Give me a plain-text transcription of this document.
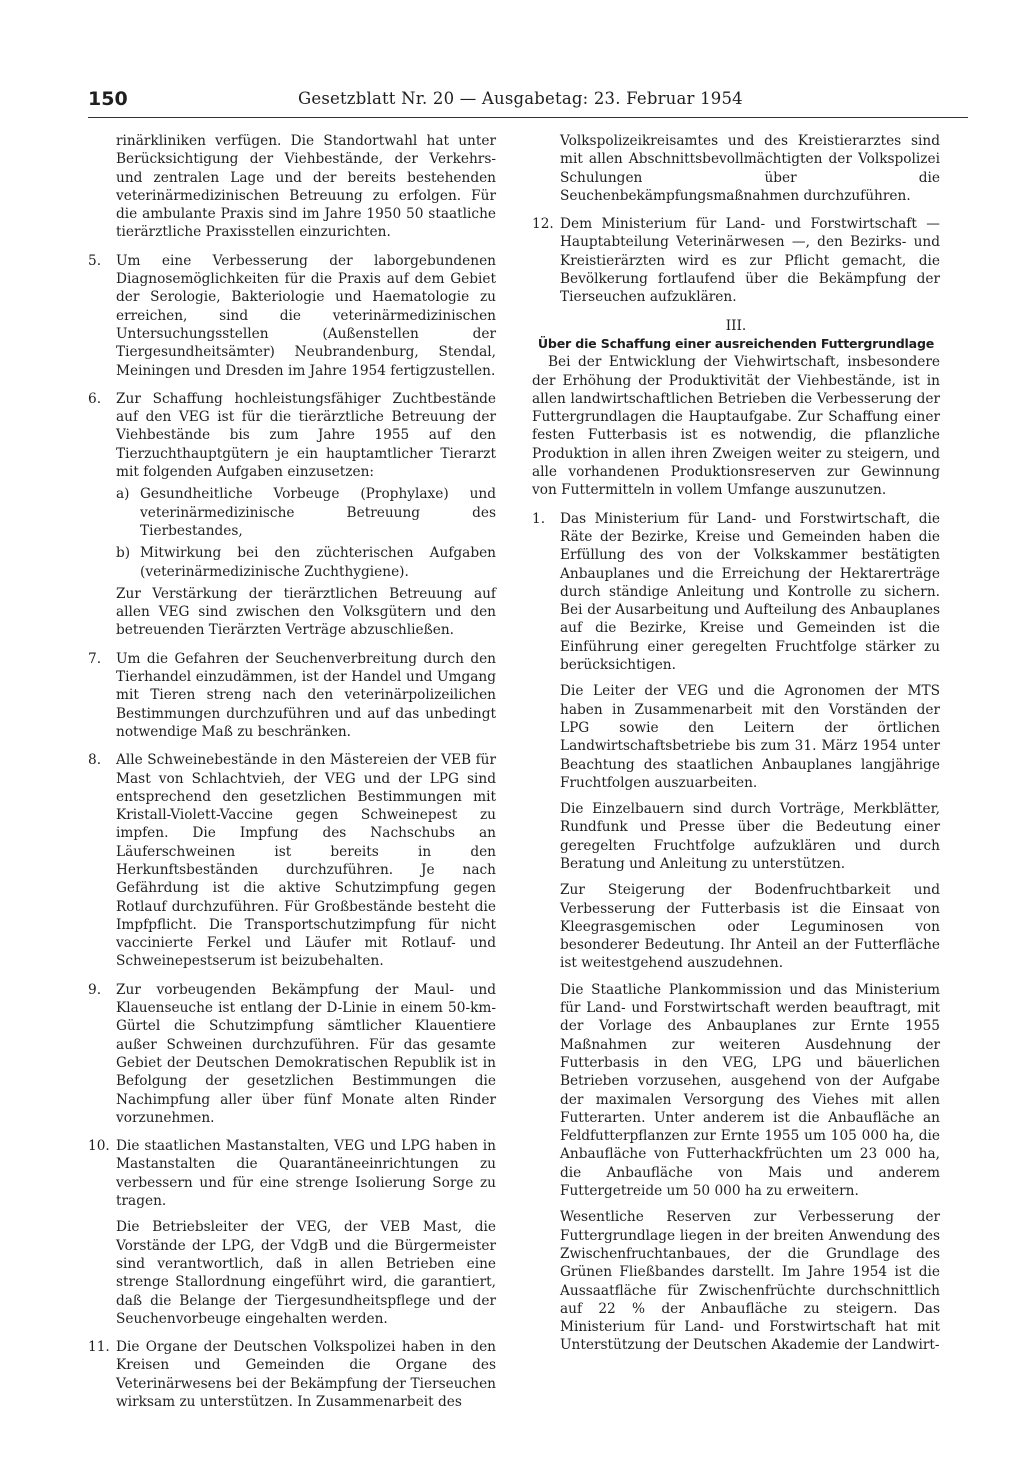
150	Gesetzblatt Nr. 20 — Ausgabetag: 23. Februar 1954

rinärkliniken verfügen. Die Standortwahl hat unter Berücksichtigung der Viehbestände, der Verkehrs- und zentralen Lage und der bereits bestehenden veterinärmedizinischen Betreuung zu erfolgen. Für die ambulante Praxis sind im Jahre 1950 50 staatliche tierärztliche Praxisstellen einzurichten.

5.	Um eine Verbesserung der laborgebundenen Diagnosemöglichkeiten für die Praxis auf dem Gebiet der Serologie, Bakteriologie und Haematologie zu erreichen, sind die veterinärmedizinischen Untersuchungsstellen (Außenstellen der Tiergesundheitsämter) Neubrandenburg, Stendal, Meiningen und Dresden im Jahre 1954 fertigzustellen.

6.	Zur Schaffung hochleistungsfähiger Zuchtbestände auf den VEG ist für die tierärztliche Betreuung der Viehbestände bis zum Jahre 1955 auf den Tierzuchthauptgütern je ein hauptamtlicher Tierarzt mit folgenden Aufgaben einzusetzen:

a) Gesundheitliche Vorbeuge (Prophylaxe) und veterinärmedizinische Betreuung des Tierbestandes,

b) Mitwirkung bei den züchterischen Aufgaben (veterinärmedizinische Zuchthygiene).

Zur Verstärkung der tierärztlichen Betreuung auf allen VEG sind zwischen den Volksgütern und den betreuenden Tierärzten Verträge abzuschließen.

7.	Um die Gefahren der Seuchenverbreitung durch den Tierhandel einzudämmen, ist der Handel und Umgang mit Tieren streng nach den veterinärpolizeilichen Bestimmungen durchzuführen und auf das unbedingt notwendige Maß zu beschränken.

8.	Alle Schweinebestände in den Mästereien der VEB für Mast von Schlachtvieh, der VEG und der LPG sind entsprechend den gesetzlichen Bestimmungen mit Kristall-Violett-Vaccine gegen Schweinepest zu impfen. Die Impfung des Nachschubs an Läuferschweinen ist bereits in den Herkunftsbeständen durchzuführen. Je nach Gefährdung ist die aktive Schutzimpfung gegen Rotlauf durchzuführen. Für Großbestände besteht die Impfpflicht. Die Transportschutzimpfung für nicht vaccinierte Ferkel und Läufer mit Rotlauf- und Schweinepestserum ist beizubehalten.

9.	Zur vorbeugenden Bekämpfung der Maul- und Klauenseuche ist entlang der D-Linie in einem 50-km-Gürtel die Schutzimpfung sämtlicher Klauentiere außer Schweinen durchzuführen. Für das gesamte Gebiet der Deutschen Demokratischen Republik ist in Befolgung der gesetzlichen Bestimmungen die Nachimpfung aller über fünf Monate alten Rinder vorzunehmen.

10. Die staatlichen Mastanstalten, VEG und LPG haben in Mastanstalten die Quarantäneeinrichtungen zu verbessern und für eine strenge Isolierung Sorge zu tragen.

Die Betriebsleiter der VEG, der VEB Mast, die Vorstände der LPG, der VdgB und die Bürgermeister sind verantwortlich, daß in allen Betrieben eine strenge Stallordnung eingeführt wird, die garantiert, daß die Belange der Tiergesundheitspflege und der Seuchenvorbeuge eingehalten werden.

11. Die Organe der Deutschen Volkspolizei haben in den Kreisen und Gemeinden die Organe des Veterinärwesens bei der Bekämpfung der Tierseuchen wirksam zu unterstützen. In Zusammenarbeit des

Volkspolizeikreisamtes und des Kreistierarztes sind mit allen Abschnittsbevollmächtigten der Volkspolizei Schulungen über die Seuchenbekämpfungsmaßnahmen durchzuführen.

12. Dem Ministerium für Land- und Forstwirtschaft — Hauptabteilung Veterinärwesen —, den Bezirks- und Kreistierärzten wird es zur Pflicht gemacht, die Bevölkerung fortlaufend über die Bekämpfung der Tierseuchen aufzuklären.

III.

Über die Schaffung einer ausreichenden Futtergrundlage

Bei der Entwicklung der Viehwirtschaft, insbesondere der Erhöhung der Produktivität der Viehbestände, ist in allen landwirtschaftlichen Betrieben die Verbesserung der Futtergrundlagen die Hauptaufgabe. Zur Schaffung einer festen Futterbasis ist es notwendig, die pflanzliche Produktion in allen ihren Zweigen weiter zu steigern, und alle vorhandenen Produktionsreserven zur Gewinnung von Futtermitteln in vollem Umfange auszunutzen.

1.	Das Ministerium für Land- und Forstwirtschaft, die Räte der Bezirke, Kreise und Gemeinden haben die Erfüllung des von der Volkskammer bestätigten Anbauplanes und die Erreichung der Hektarerträge durch ständige Anleitung und Kontrolle zu sichern. Bei der Ausarbeitung und Aufteilung des Anbauplanes auf die Bezirke, Kreise und Gemeinden ist die Einführung einer geregelten Fruchtfolge stärker zu berücksichtigen.

Die Leiter der VEG und die Agronomen der MTS haben in Zusammenarbeit mit den Vorständen der LPG sowie den Leitern der örtlichen Landwirtschaftsbetriebe bis zum 31. März 1954 unter Beachtung des staatlichen Anbauplanes langjährige Fruchtfolgen auszuarbeiten.

Die Einzelbauern sind durch Vorträge, Merkblätter, Rundfunk und Presse über die Bedeutung einer geregelten Fruchtfolge aufzuklären und durch Beratung und Anleitung zu unterstützen.

Zur Steigerung der Bodenfruchtbarkeit und Verbesserung der Futterbasis ist die Einsaat von Kleegrasgemischen oder Leguminosen von besonderer Bedeutung. Ihr Anteil an der Futterfläche ist weitestgehend auszudehnen.

Die Staatliche Plankommission und das Ministerium für Land- und Forstwirtschaft werden beauftragt, mit der Vorlage des Anbauplanes zur Ernte 1955 Maßnahmen zur weiteren Ausdehnung der Futterbasis in den VEG, LPG und bäuerlichen Betrieben vorzusehen, ausgehend von der Aufgabe der maximalen Versorgung des Viehes mit allen Futterarten. Unter anderem ist die Anbaufläche an Feldfutterpflanzen zur Ernte 1955 um 105 000 ha, die Anbaufläche von Futterhackfrüchten um 23 000 ha, die Anbaufläche von Mais und anderem Futtergetreide um 50 000 ha zu erweitern.

Wesentliche Reserven zur Verbesserung der Futtergrundlage liegen in der breiten Anwendung des Zwischenfruchtanbaues, der die Grundlage des Grünen Fließbandes darstellt. Im Jahre 1954 ist die Aussaatfläche für Zwischenfrüchte durchschnittlich auf 22 % der Anbaufläche zu steigern. Das Ministerium für Land- und Forstwirtschaft hat mit Unterstützung der Deutschen Akademie der Landwirt-
